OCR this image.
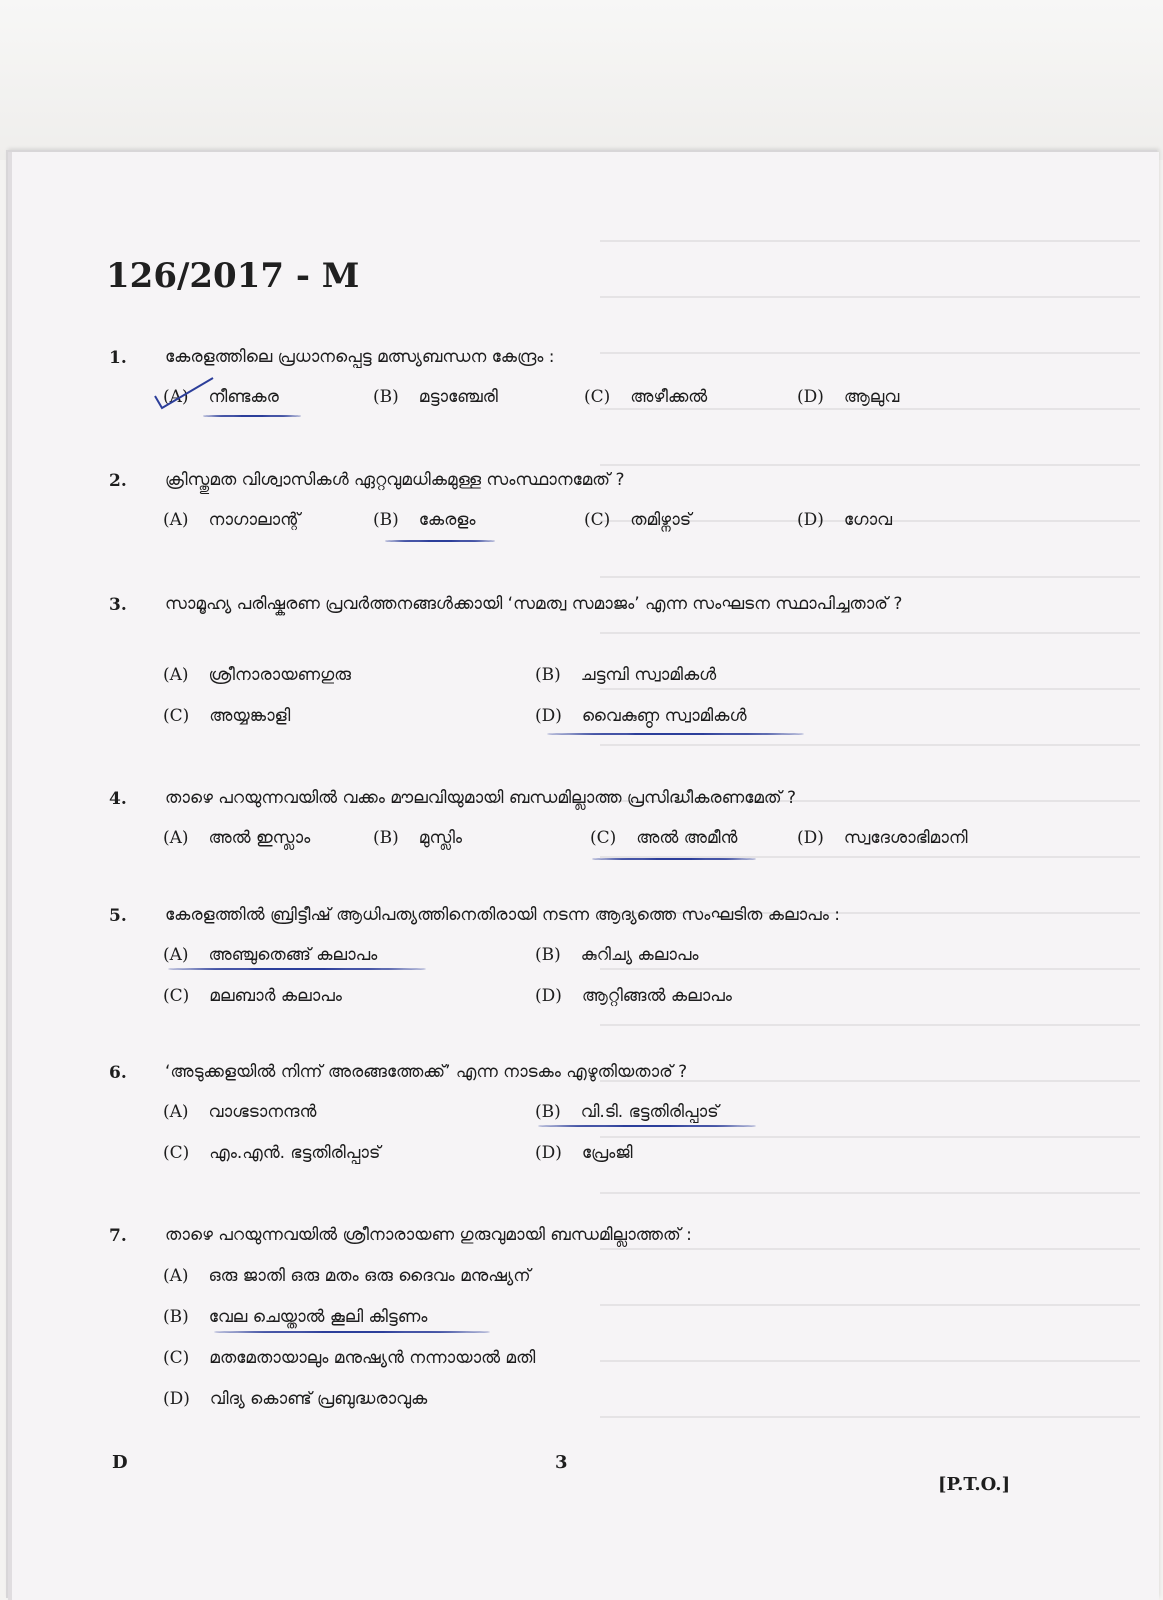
126/2017 - M
1. കേരളത്തിലെ പ്രധാനപ്പെട്ട മത്സ്യബന്ധന കേന്ദ്രം :
(A) നീണ്ടകര	(B) മട്ടാഞ്ചേരി	(C) അഴീക്കൽ	(D) ആലുവ
2. ക്രിസ്തുമത വിശ്വാസികൾ ഏറ്റവുമധികമുള്ള സംസ്ഥാനമേത് ?
(A) നാഗാലാന്റ്	(B) കേരളം	(C) തമിഴ്നാട്	(D) ഗോവ
3. സാമൂഹ്യ പരിഷ്കരണ പ്രവർത്തനങ്ങൾക്കായി ‘സമത്വ സമാജം’ എന്ന സംഘടന സ്ഥാപിച്ചതാര് ?
(A) ശ്രീനാരായണഗുരു	(B) ചട്ടമ്പി സ്വാമികൾ
(C) അയ്യങ്കാളി	(D) വൈകുണ്ഠ സ്വാമികൾ
4. താഴെ പറയുന്നവയിൽ വക്കം മൗലവിയുമായി ബന്ധമില്ലാത്ത പ്രസിദ്ധീകരണമേത് ?
(A) അൽ ഇസ്ലാം	(B) മുസ്ലിം	(C) അൽ അമീൻ	(D) സ്വദേശാഭിമാനി
5. കേരളത്തിൽ ബ്രിട്ടീഷ് ആധിപത്യത്തിനെതിരായി നടന്ന ആദ്യത്തെ സംഘടിത കലാപം :
(A) അഞ്ചുതെങ്ങ് കലാപം	(B) കുറിച്യ കലാപം
(C) മലബാർ കലാപം	(D) ആറ്റിങ്ങൽ കലാപം
6. ‘അടുക്കളയിൽ നിന്ന് അരങ്ങത്തേക്ക്’ എന്ന നാടകം എഴുതിയതാര് ?
(A) വാഗ്ഭടാനന്ദൻ	(B) വി.ടി. ഭട്ടതിരിപ്പാട്
(C) എം.എൻ. ഭട്ടതിരിപ്പാട്	(D) പ്രേംജി
7. താഴെ പറയുന്നവയിൽ ശ്രീനാരായണ ഗുരുവുമായി ബന്ധമില്ലാത്തത് :
(A) ഒരു ജാതി ഒരു മതം ഒരു ദൈവം മനുഷ്യന്
(B) വേല ചെയ്താൽ കൂലി കിട്ടണം
(C) മതമേതായാലും മനുഷ്യൻ നന്നായാൽ മതി
(D) വിദ്യ കൊണ്ട് പ്രബുദ്ധരാവുക
D	3
[P.T.O.]
